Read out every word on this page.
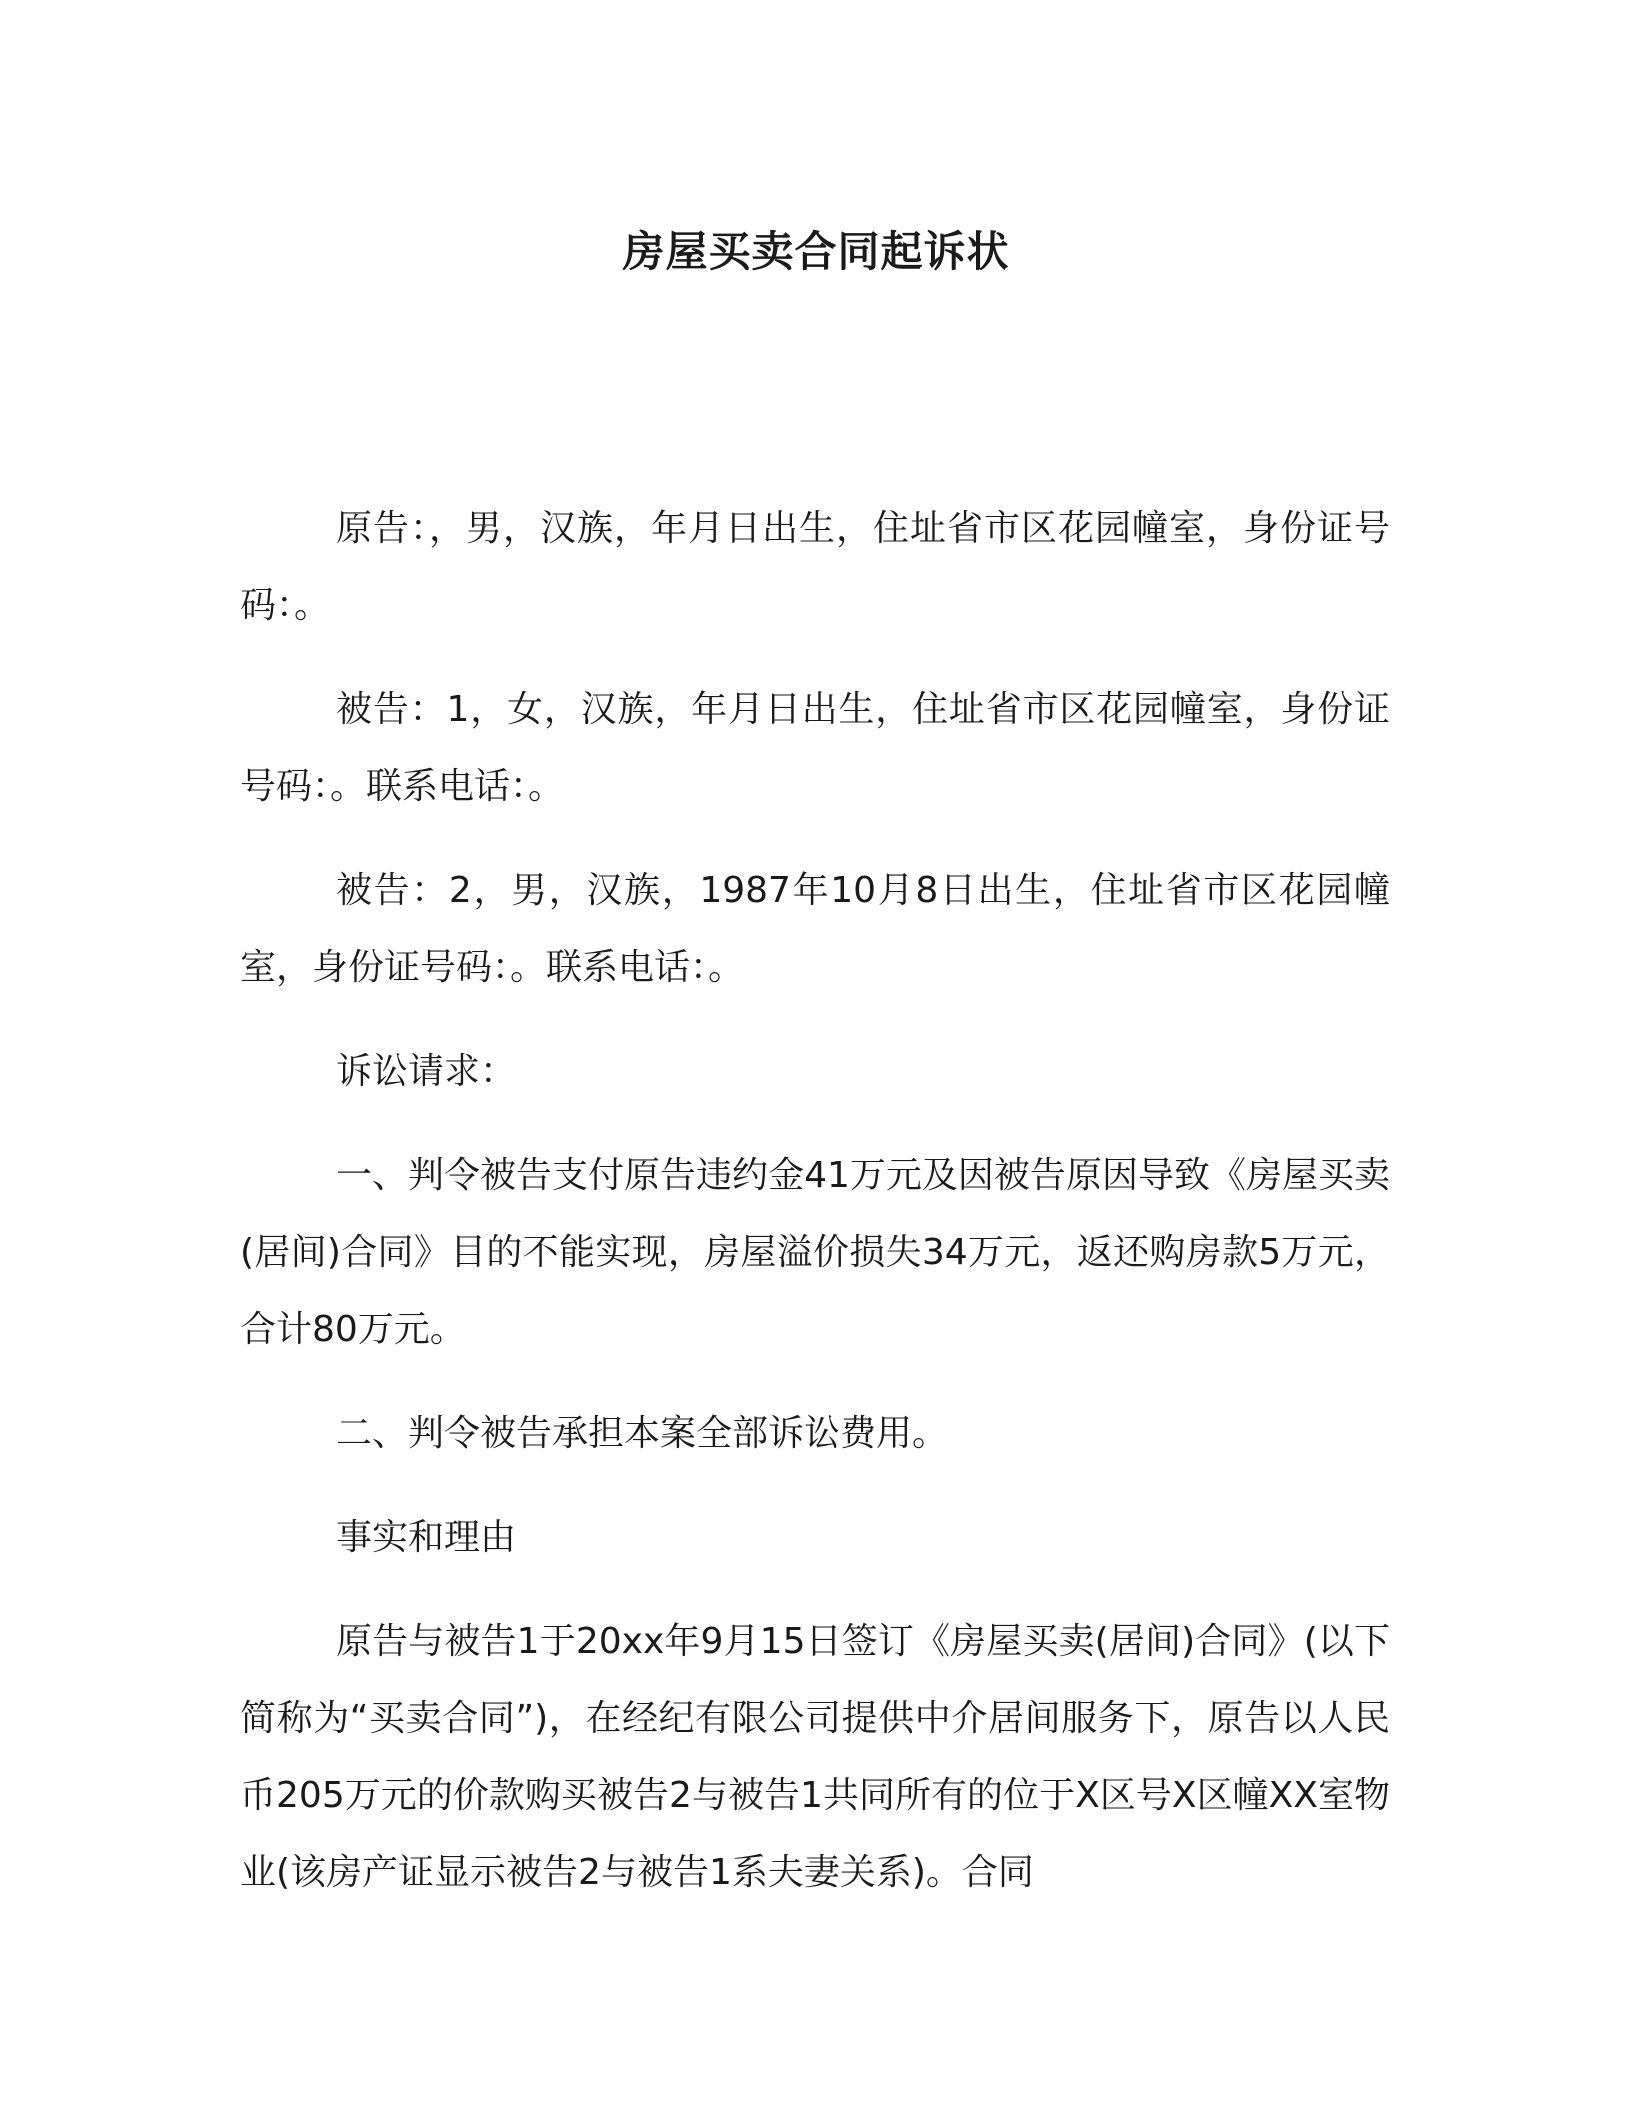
房屋买卖合同起诉状

原告：，男，汉族，年月日出生，住址省市区花园幢室，身份证号码：。

被告：1，女，汉族，年月日出生，住址省市区花园幢室，身份证号码：。联系电话：。

被告：2，男，汉族，1987年10月8日出生，住址省市区花园幢室，身份证号码：。联系电话：。

诉讼请求：

一、判令被告支付原告违约金41万元及因被告原因导致《房屋买卖(居间)合同》目的不能实现，房屋溢价损失34万元，返还购房款5万元，合计80万元。

二、判令被告承担本案全部诉讼费用。

事实和理由

原告与被告1于20xx年9月15日签订《房屋买卖(居间)合同》(以下简称为“买卖合同”)，在经纪有限公司提供中介居间服务下，原告以人民币205万元的价款购买被告2与被告1共同所有的位于X区号X区幢XX室物业(该房产证显示被告2与被告1系夫妻关系)。合同
